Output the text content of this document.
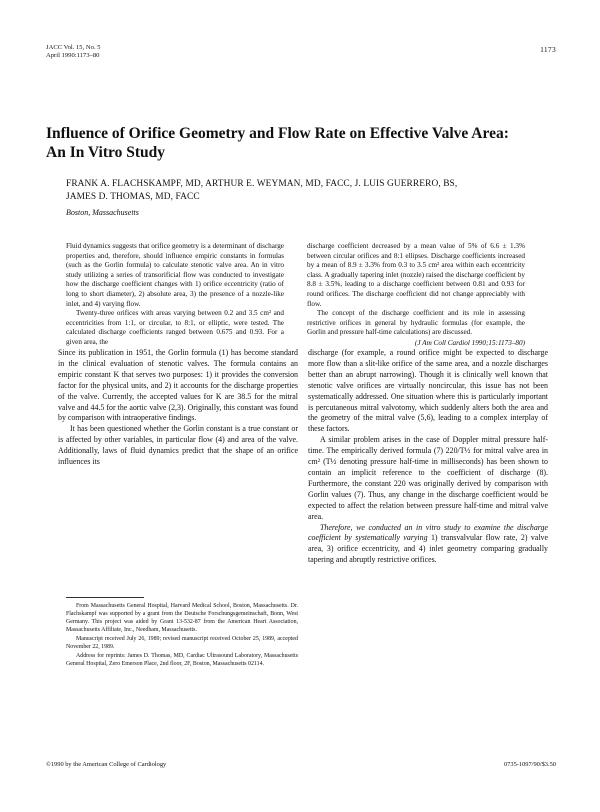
JACC Vol. 15, No. 5
April 1990:1173–80
1173
Influence of Orifice Geometry and Flow Rate on Effective Valve Area:
An In Vitro Study
FRANK A. FLACHSKAMPF, MD, ARTHUR E. WEYMAN, MD, FACC, J. LUIS GUERRERO, BS,
JAMES D. THOMAS, MD, FACC
Boston, Massachusetts

Fluid dynamics suggests that orifice geometry is a determinant of discharge properties and, therefore, should influence empiric constants in formulas (such as the Gorlin formula) to calculate stenotic valve area. An in vitro study utilizing a series of transorificial flow was conducted to investigate how the discharge coefficient changes with 1) orifice eccentricity (ratio of long to short diameter), 2) absolute area, 3) the presence of a nozzle-like inlet, and 4) varying flow.

Twenty-three orifices with areas varying between 0.2 and 3.5 cm² and eccentricities from 1:1, or circular, to 8:1, or elliptic, were tested. The calculated discharge coefficients ranged between 0.675 and 0.93. For a given area, the

discharge coefficient decreased by a mean value of 5% of 6.6 ± 1.3% between circular orifices and 8:1 ellipses. Discharge coefficients increased by a mean of 8.9 ± 3.3% from 0.3 to 3.5 cm² area within each eccentricity class. A gradually tapering inlet (nozzle) raised the discharge coefficient by 8.8 ± 3.5%, leading to a discharge coefficient between 0.81 and 0.93 for round orifices. The discharge coefficient did not change appreciably with flow.

The concept of the discharge coefficient and its role in assessing restrictive orifices in general by hydraulic formulas (for example, the Gorlin and pressure half-time calculations) are discussed.

(J Am Coll Cardiol 1990;15:1173–80)

Since its publication in 1951, the Gorlin formula (1) has become standard in the clinical evaluation of stenotic valves. The formula contains an empiric constant K that serves two purposes: 1) it provides the conversion factor for the physical units, and 2) it accounts for the discharge properties of the valve. Currently, the accepted values for K are 38.5 for the mitral valve and 44.5 for the aortic valve (2,3). Originally, this constant was found by comparison with intraoperative findings.

It has been questioned whether the Gorlin constant is a true constant or is affected by other variables, in particular flow (4) and area of the valve. Additionally, laws of fluid dynamics predict that the shape of an orifice influences its

discharge (for example, a round orifice might be expected to discharge more flow than a slit-like orifice of the same area, and a nozzle discharges better than an abrupt narrowing). Though it is clinically well known that stenotic valve orifices are virtually noncircular, this issue has not been systematically addressed. One situation where this is particularly important is percutaneous mitral valvotomy, which suddenly alters both the area and the geometry of the mitral valve (5,6), leading to a complex interplay of these factors.

A similar problem arises in the case of Doppler mitral pressure half-time. The empirically derived formula (7) 220/T½ for mitral valve area in cm² (T½ denoting pressure half-time in milliseconds) has been shown to contain an implicit reference to the coefficient of discharge (8). Furthermore, the constant 220 was originally derived by comparison with Gorlin values (7). Thus, any change in the discharge coefficient would be expected to affect the relation between pressure half-time and mitral valve area.

Therefore, we conducted an in vitro study to examine the discharge coefficient by systematically varying 1) transvalvular flow rate, 2) valve area, 3) orifice eccentricity, and 4) inlet geometry comparing gradually tapering and abruptly restrictive orifices.

From Massachusetts General Hospital, Harvard Medical School, Boston, Massachusetts. Dr. Flachskampf was supported by a grant from the Deutsche Forschungsgemeinschaft, Bonn, West Germany. This project was aided by Grant 13-532-87 from the American Heart Association, Massachusetts Affiliate, Inc., Needham, Massachusetts.

Manuscript received July 26, 1989; revised manuscript received October 25, 1989, accepted November 22, 1989.

Address for reprints: James D. Thomas, MD, Cardiac Ultrasound Laboratory, Massachusetts General Hospital, Zero Emerson Place, 2nd floor, 2F, Boston, Massachusetts 02114.

©1990 by the American College of Cardiology	0735-1097/90/$3.50
